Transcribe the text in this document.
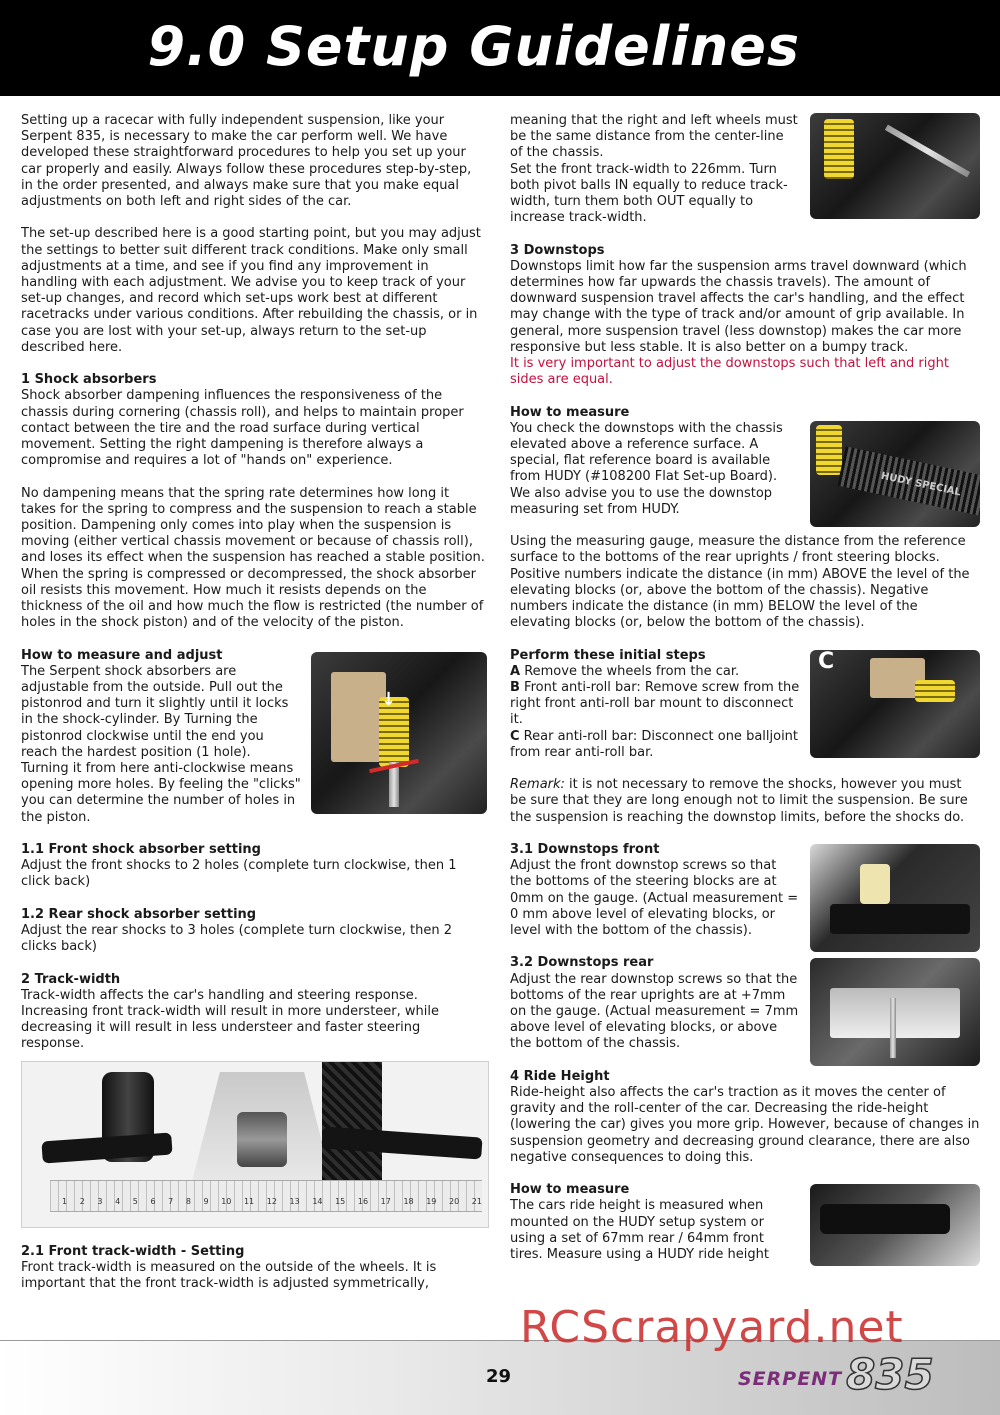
9.0 Setup Guidelines

Setting up a racecar with fully independent suspension, like your Serpent 835, is necessary to make the car perform well. We have developed these straightforward procedures to help you set up your car properly and easily. Always follow these procedures step-by-step, in the order presented, and always make sure that you make equal adjustments on both left and right sides of the car.

The set-up described here is a good starting point, but you may adjust the settings to better suit different track conditions. Make only small adjustments at a time, and see if you find any improvement in handling with each adjustment. We advise you to keep track of your set-up changes, and record which set-ups work best at different racetracks under various conditions. After rebuilding the chassis, or in case you are lost with your set-up, always return to the set-up described here.

1 Shock absorbers

Shock absorber dampening influences the responsiveness of the chassis during cornering (chassis roll), and helps to maintain proper contact between the tire and the road surface during vertical movement. Setting the right dampening is therefore always a compromise and requires a lot of "hands on" experience.

No dampening means that the spring rate determines how long it takes for the spring to compress and the suspension to reach a stable position. Dampening only comes into play when the suspension is moving (either vertical chassis movement or because of chassis roll), and loses its effect when the suspension has reached a stable position. When the spring is compressed or decompressed, the shock absorber oil resists this movement. How much it resists depends on the thickness of the oil and how much the flow is restricted (the number of holes in the shock piston) and of the velocity of the piston.

How to measure and adjust
↓

The Serpent shock absorbers are adjustable from the outside. Pull out the pistonrod and turn it slightly until it locks in the shock-cylinder. By Turning the pistonrod clockwise until the end you reach the hardest position (1 hole). Turning it from here anti-clockwise means opening more holes. By feeling the "clicks" you can determine the number of holes in the piston.

1.1 Front shock absorber setting

Adjust the front shocks to 2 holes (complete turn clockwise, then 1 click back)

1.2 Rear shock absorber setting

Adjust the rear shocks to 3 holes (complete turn clockwise, then 2 clicks back)

2 Track-width

Track-width affects the car's handling and steering response. Increasing front track-width will result in more understeer, while decreasing it will result in less understeer and faster steering response.

1 2 3 4 5 6 7 8 9 10 11 12 13 14 15 16 17 18 19 20 21
2.1 Front track-width - Setting

Front track-width is measured on the outside of the wheels. It is important that the front track-width is adjusted symmetrically,

meaning that the right and left wheels must be the same distance from the center-line of the chassis.
Set the front track-width to 226mm. Turn both pivot balls IN equally to reduce track-width, turn them both OUT equally to increase track-width.

3 Downstops

Downstops limit how far the suspension arms travel downward (which determines how far upwards the chassis travels). The amount of downward suspension travel affects the car's handling, and the effect may change with the type of track and/or amount of grip available. In general, more suspension travel (less downstop) makes the car more responsive but less stable. It is also better on a bumpy track.

It is very important to adjust the downstops such that left and right sides are equal.

How to measure
HUDY SPECIAL

You check the downstops with the chassis elevated above a reference surface. A special, flat reference board is available from HUDY (#108200 Flat Set-up Board). We also advise you to use the downstop measuring set from HUDY.

Using the measuring gauge, measure the distance from the reference surface to the bottoms of the rear uprights / front steering blocks. Positive numbers indicate the distance (in mm) ABOVE the level of the elevating blocks (or, above the bottom of the chassis). Negative numbers indicate the distance (in mm) BELOW the level of the elevating blocks (or, below the bottom of the chassis).

Perform these initial steps	C

A Remove the wheels from the car.
B Front anti-roll bar: Remove screw from the right front anti-roll bar mount to disconnect it.
C Rear anti-roll bar: Disconnect one balljoint from rear anti-roll bar.

Remark: it is not necessary to remove the shocks, however you must be sure that they are long enough not to limit the suspension. Be sure the suspension is reaching the downstop limits, before the shocks do.

3.1 Downstops front

Adjust the front downstop screws so that the bottoms of the steering blocks are at 0mm on the gauge. (Actual measurement = 0 mm above level of elevating blocks, or level with the bottom of the chassis).

3.2 Downstops rear

Adjust the rear downstop screws so that the bottoms of the rear uprights are at +7mm on the gauge. (Actual measurement = 7mm above level of elevating blocks, or above the bottom of the chassis.

4 Ride Height

Ride-height also affects the car's traction as it moves the center of gravity and the roll-center of the car. Decreasing the ride-height (lowering the car) gives you more grip. However, because of changes in suspension geometry and decreasing ground clearance, there are also negative consequences to doing this.

How to measure

The cars ride height is measured when mounted on the HUDY setup system or using a set of 67mm rear / 64mm front tires. Measure using a HUDY ride height

RCScrapyard.net
29	SERPENT 835
